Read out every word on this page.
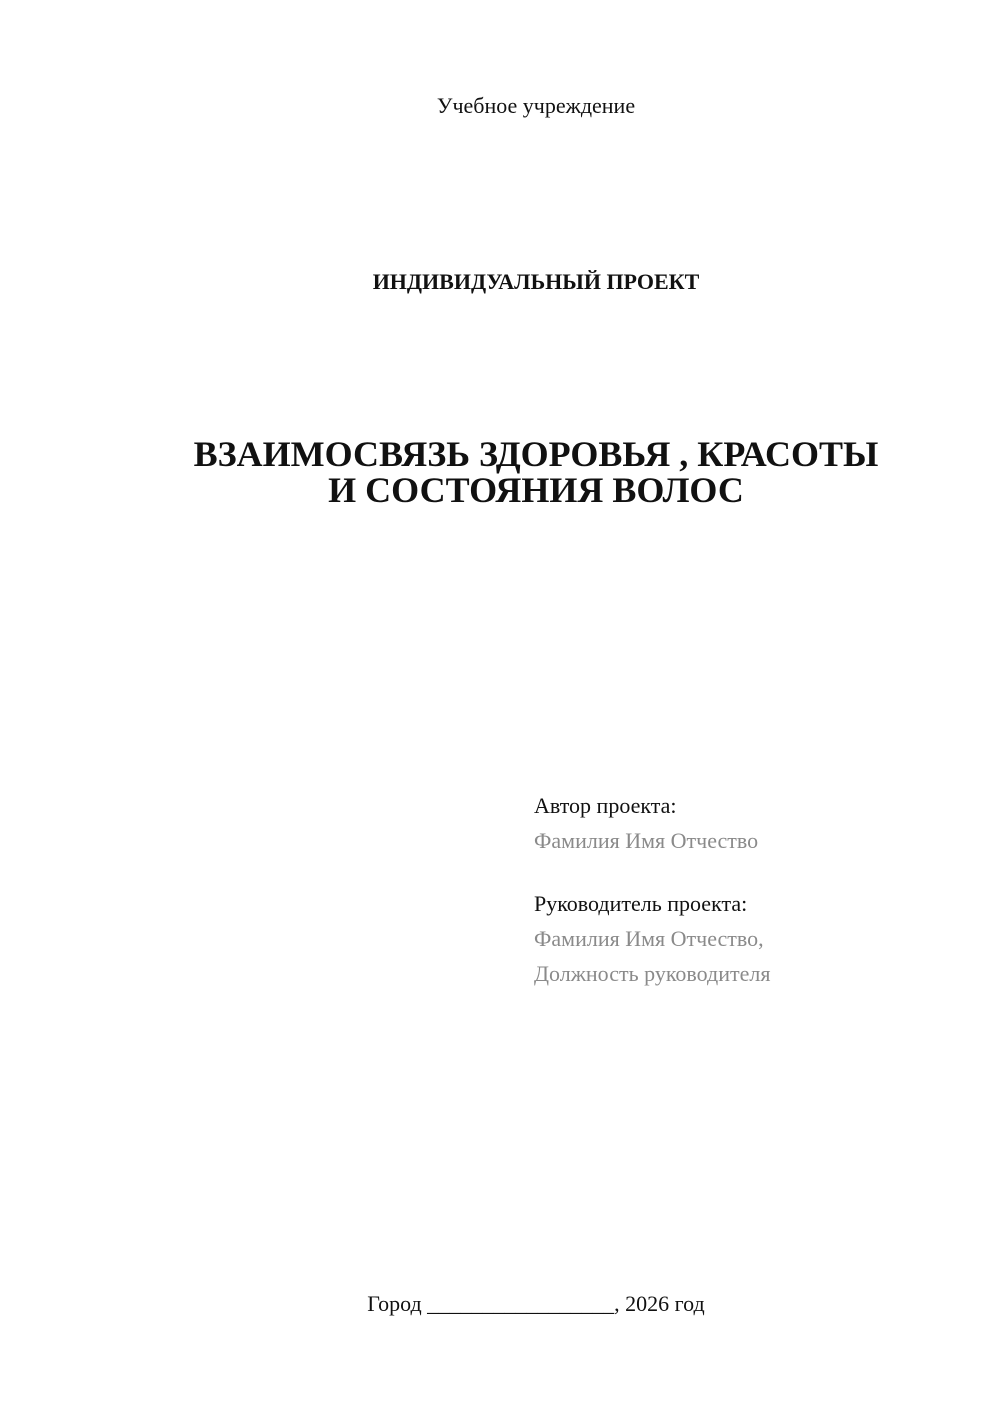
Учебное учреждение
ИНДИВИДУАЛЬНЫЙ ПРОЕКТ
ВЗАИМОСВЯЗЬ ЗДОРОВЬЯ , КРАСОТЫ
И СОСТОЯНИЯ ВОЛОС
Автор проекта:
Фамилия Имя Отчество
Руководитель проекта:
Фамилия Имя Отчество,
Должность руководителя
Город _________________, 2026 год
